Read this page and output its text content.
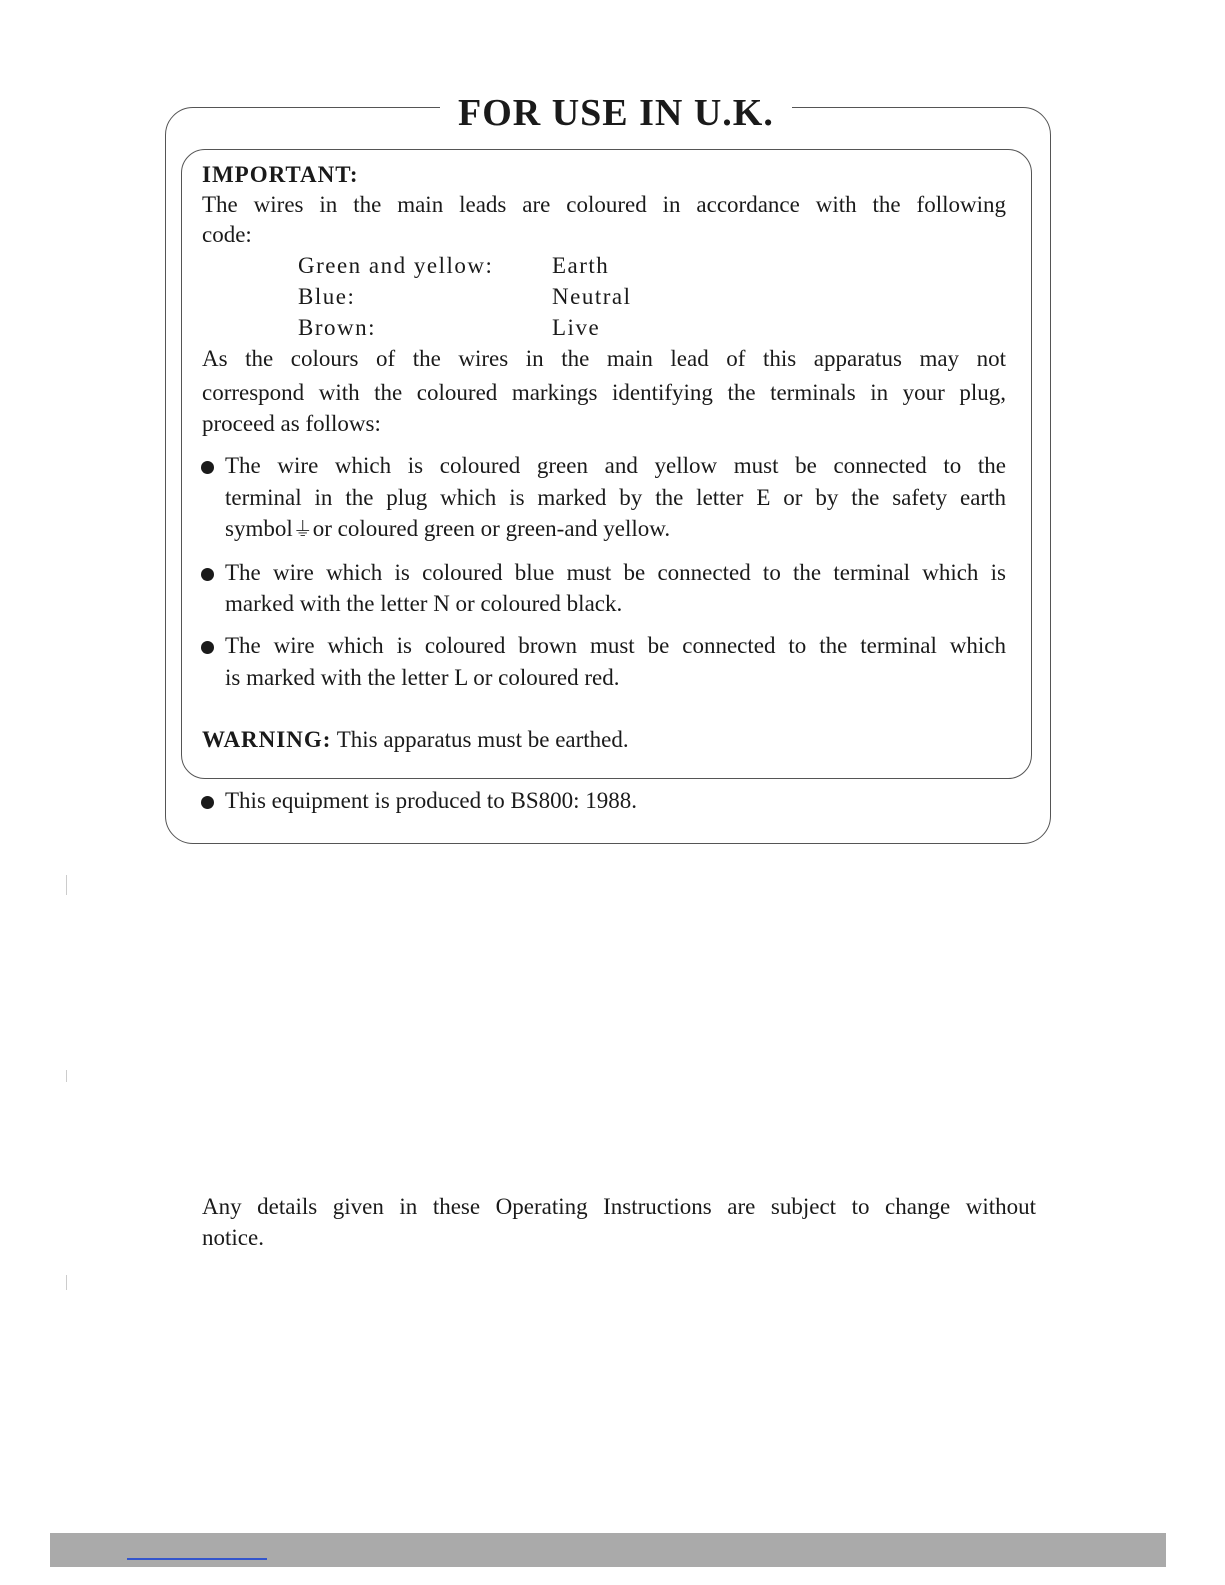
FOR USE IN U.K.
IMPORTANT:
The wires in the main leads are coloured in accordance with the following
code:
Green and yellow:	Earth
Blue:	Neutral
Brown:	Live
As the colours of the wires in the main lead of this apparatus may not
correspond with the coloured markings identifying the terminals in your plug,
proceed as follows:
The wire which is coloured green and yellow must be connected to the
terminal in the plug which is marked by the letter E or by the safety earth
symbol⏚or coloured green or green-and yellow.
The wire which is coloured blue must be connected to the terminal which is
marked with the letter N or coloured black.
The wire which is coloured brown must be connected to the terminal which
is marked with the letter L or coloured red.
WARNING: This apparatus must be earthed.
This equipment is produced to BS800: 1988.
Any details given in these Operating Instructions are subject to change without
notice.
